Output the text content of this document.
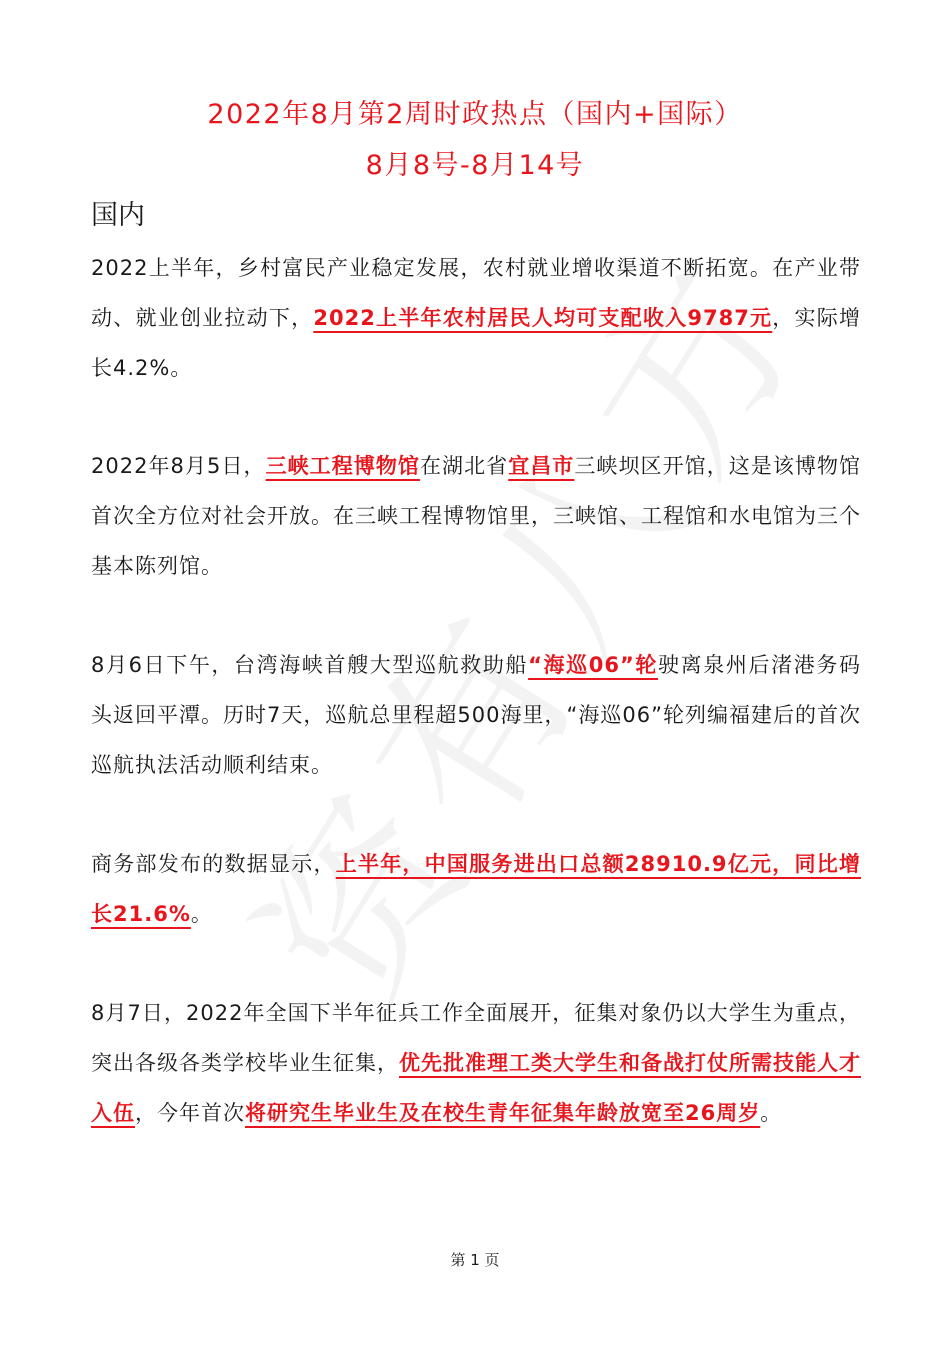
2022年8月第2周时政热点（国内+国际）
8月8号-8月14号
国内

2022上半年，乡村富民产业稳定发展，农村就业增收渠道不断拓宽。在产业带动、就业创业拉动下，2022上半年农村居民人均可支配收入9787元，实际增长4.2%。

2022年8月5日，三峡工程博物馆在湖北省宜昌市三峡坝区开馆，这是该博物馆首次全方位对社会开放。在三峡工程博物馆里，三峡馆、工程馆和水电馆为三个基本陈列馆。

8月6日下午，台湾海峡首艘大型巡航救助船“海巡06”轮驶离泉州后渚港务码头返回平潭。历时7天，巡航总里程超500海里，“海巡06”轮列编福建后的首次巡航执法活动顺利结束。

商务部发布的数据显示，上半年，中国服务进出口总额28910.9亿元，同比增长21.6%。

8月7日，2022年全国下半年征兵工作全面展开，征集对象仍以大学生为重点，突出各级各类学校毕业生征集，优先批准理工类大学生和备战打仗所需技能人才入伍，今年首次将研究生毕业生及在校生青年征集年龄放宽至26周岁。

第 1 页
